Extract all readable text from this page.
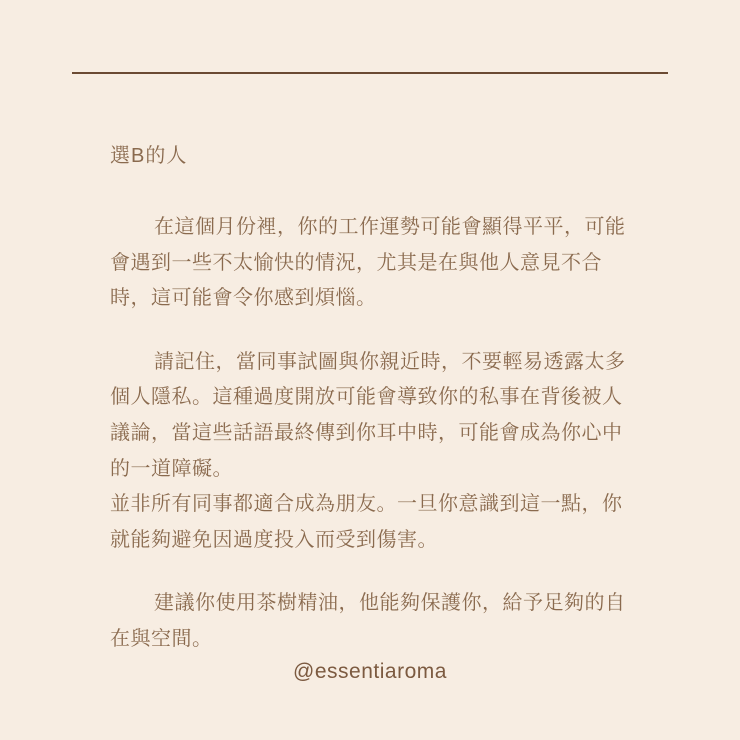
選B的人

在這個月份裡，你的工作運勢可能會顯得平平，可能會遇到一些不太愉快的情況，尤其是在與他人意見不合時，這可能會令你感到煩惱。

請記住，當同事試圖與你親近時，不要輕易透露太多個人隱私。這種過度開放可能會導致你的私事在背後被人議論，當這些話語最終傳到你耳中時，可能會成為你心中的一道障礙。
並非所有同事都適合成為朋友。一旦你意識到這一點，你就能夠避免因過度投入而受到傷害。

建議你使用茶樹精油，他能夠保護你，給予足夠的自在與空間。

@essentiaroma
